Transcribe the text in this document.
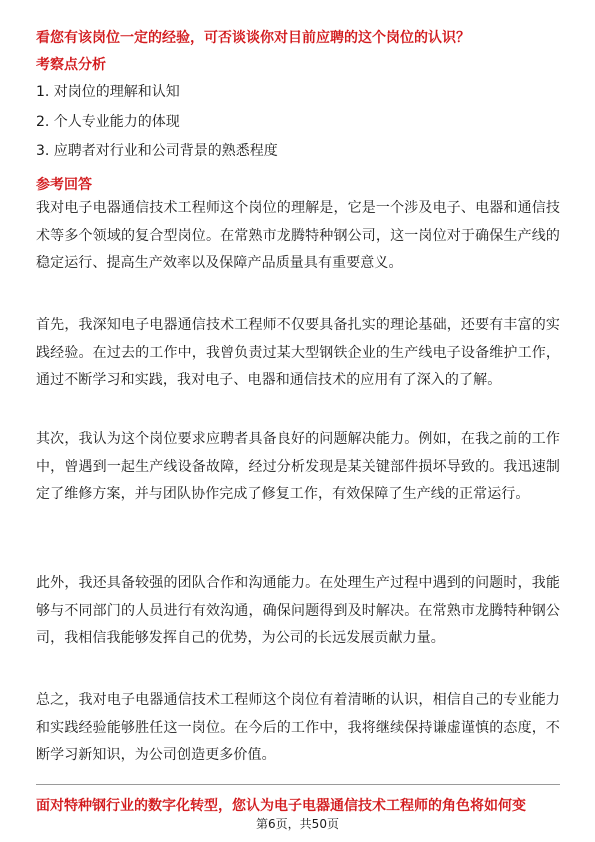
看您有该岗位一定的经验，可否谈谈你对目前应聘的这个岗位的认识？
考察点分析
1. 对岗位的理解和认知
2. 个人专业能力的体现
3. 应聘者对行业和公司背景的熟悉程度
参考回答
我对电子电器通信技术工程师这个岗位的理解是，它是一个涉及电子、电器和通信技术等多个领域的复合型岗位。在常熟市龙腾特种钢公司，这一岗位对于确保生产线的稳定运行、提高生产效率以及保障产品质量具有重要意义。
首先，我深知电子电器通信技术工程师不仅要具备扎实的理论基础，还要有丰富的实践经验。在过去的工作中，我曾负责过某大型钢铁企业的生产线电子设备维护工作，通过不断学习和实践，我对电子、电器和通信技术的应用有了深入的了解。
其次，我认为这个岗位要求应聘者具备良好的问题解决能力。例如，在我之前的工作中，曾遇到一起生产线设备故障，经过分析发现是某关键部件损坏导致的。我迅速制定了维修方案，并与团队协作完成了修复工作，有效保障了生产线的正常运行。
此外，我还具备较强的团队合作和沟通能力。在处理生产过程中遇到的问题时，我能够与不同部门的人员进行有效沟通，确保问题得到及时解决。在常熟市龙腾特种钢公司，我相信我能够发挥自己的优势，为公司的长远发展贡献力量。
总之，我对电子电器通信技术工程师这个岗位有着清晰的认识，相信自己的专业能力和实践经验能够胜任这一岗位。在今后的工作中，我将继续保持谦虚谨慎的态度，不断学习新知识，为公司创造更多价值。
面对特种钢行业的数字化转型，您认为电子电器通信技术工程师的角色将如何变
第6页，共50页
